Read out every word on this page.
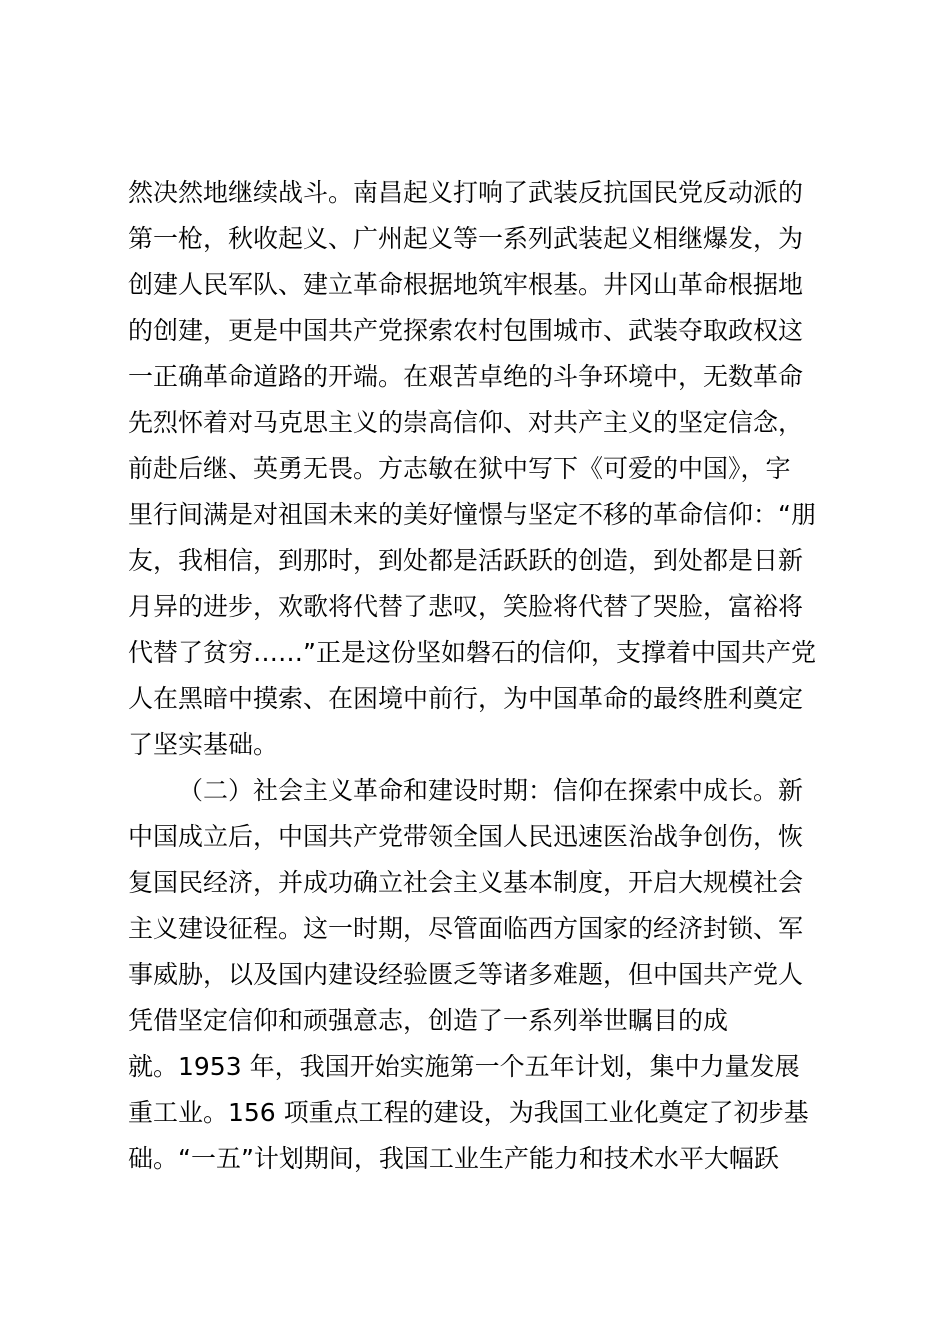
然决然地继续战斗。南昌起义打响了武装反抗国民党反动派的
第一枪，秋收起义、广州起义等一系列武装起义相继爆发，为
创建人民军队、建立革命根据地筑牢根基。井冈山革命根据地
的创建，更是中国共产党探索农村包围城市、武装夺取政权这
一正确革命道路的开端。在艰苦卓绝的斗争环境中，无数革命
先烈怀着对马克思主义的崇高信仰、对共产主义的坚定信念，
前赴后继、英勇无畏。方志敏在狱中写下《可爱的中国》，字
里行间满是对祖国未来的美好憧憬与坚定不移的革命信仰：“朋
友，我相信，到那时，到处都是活跃跃的创造，到处都是日新
月异的进步，欢歌将代替了悲叹，笑脸将代替了哭脸，富裕将
代替了贫穷……”正是这份坚如磐石的信仰，支撑着中国共产党
人在黑暗中摸索、在困境中前行，为中国革命的最终胜利奠定
了坚实基础。
（二）社会主义革命和建设时期：信仰在探索中成长。新
中国成立后，中国共产党带领全国人民迅速医治战争创伤，恢
复国民经济，并成功确立社会主义基本制度，开启大规模社会
主义建设征程。这一时期，尽管面临西方国家的经济封锁、军
事威胁，以及国内建设经验匮乏等诸多难题，但中国共产党人
凭借坚定信仰和顽强意志，创造了一系列举世瞩目的成
就。1953 年，我国开始实施第一个五年计划，集中力量发展
重工业。156 项重点工程的建设，为我国工业化奠定了初步基
础。“一五”计划期间，我国工业生产能力和技术水平大幅跃
